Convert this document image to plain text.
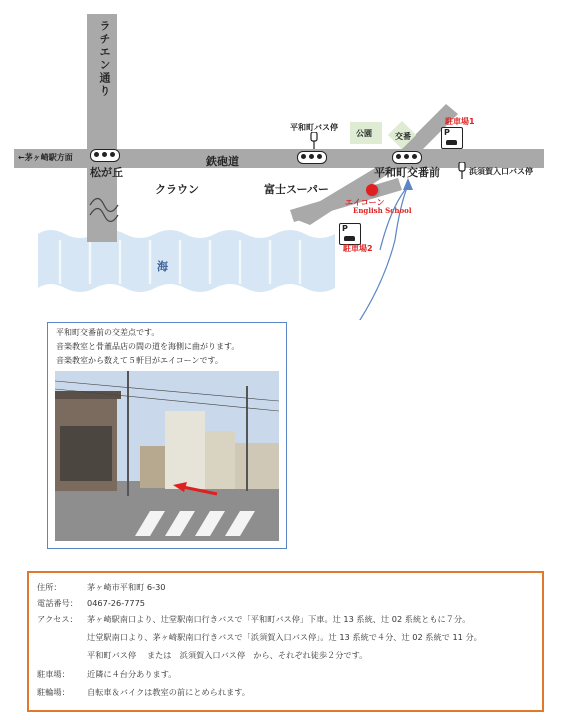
海
ラチエン通り
←茅ヶ崎駅方面	鉄砲道
松が丘	平和町交番前
クラウン	富士スーパー
公園	交番
平和町バス停
浜須賀入口バス停
P
駐車場1
P
駐車場2
エイコーン
English School
平和町交番前の交差点です。
音楽教室と骨董品店の間の道を海側に曲がります。
音楽教室から数えて５軒目がエイコーンです。
住所：	茅ヶ崎市平和町 6-30
電話番号： 0467-26-7775
アクセス： 茅ヶ崎駅南口より、辻堂駅南口行きバスで「平和町バス停」下車。辻 13 系統、辻 02 系統ともに７分。
辻堂駅南口より、茅ヶ崎駅南口行きバスで「浜須賀入口バス停」。辻 13 系統で４分、辻 02 系統で 11 分。
平和町バス停　 または　浜須賀入口バス停　から、それぞれ徒歩２分です。
駐車場： 近隣に４台分あります。
駐輪場： 自転車＆バイクは教室の前にとめられます。
